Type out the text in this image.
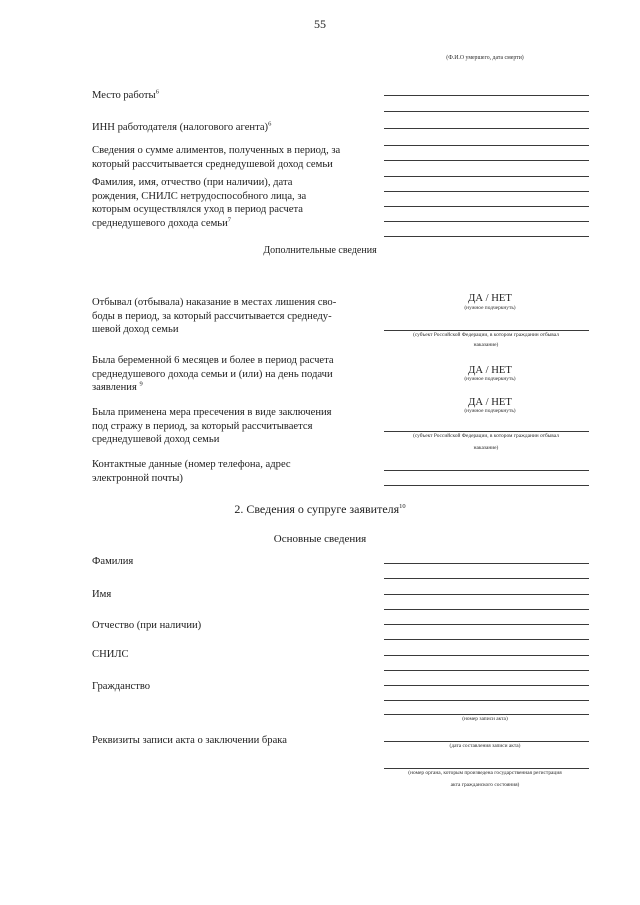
55
(Ф.И.О умершего, дата смерти)
Место работы$^6$
ИНН работодателя (налогового агента)$^6$
Сведения о сумме алиментов, полученных в период, за
который рассчитывается среднедушевой доход семьи
Фамилия, имя, отчество (при наличии), дата
рождения, СНИЛС нетрудоспособного лица, за
которым осуществлялся уход в период расчета
среднедушевого дохода семьи$^7$
Дополнительные сведения
Отбывал (отбывала) наказание в местах лишения сво-
боды в период, за который рассчитывается среднеду-
шевой доход семьи
ДА / НЕТ
(нужное подчеркнуть)
(субъект Российской Федерации, в котором гражданин отбывал
наказание)
Была беременной 6 месяцев и более в период расчета
среднедушевого дохода семьи и (или) на день подачи
заявления $^9$
ДА / НЕТ
(нужное подчеркнуть)
ДА / НЕТ
(нужное подчеркнуть)
Была применена мера пресечения в виде заключения
под стражу в период, за который рассчитывается
среднедушевой доход семьи	(субъект Российской Федерации, в котором гражданин отбывал
наказание)
Контактные данные (номер телефона, адрес
электронной почты)
2. Сведения о супруге заявителя$^{10}$
Основные сведения
Фамилия
Имя
Отчество (при наличии)
СНИЛС
Гражданство
(номер записи акта)
Реквизиты записи акта о заключении брака	(дата составления записи акта)
(номер органа, которым произведена государственная регистрация
акта гражданского состояния)
